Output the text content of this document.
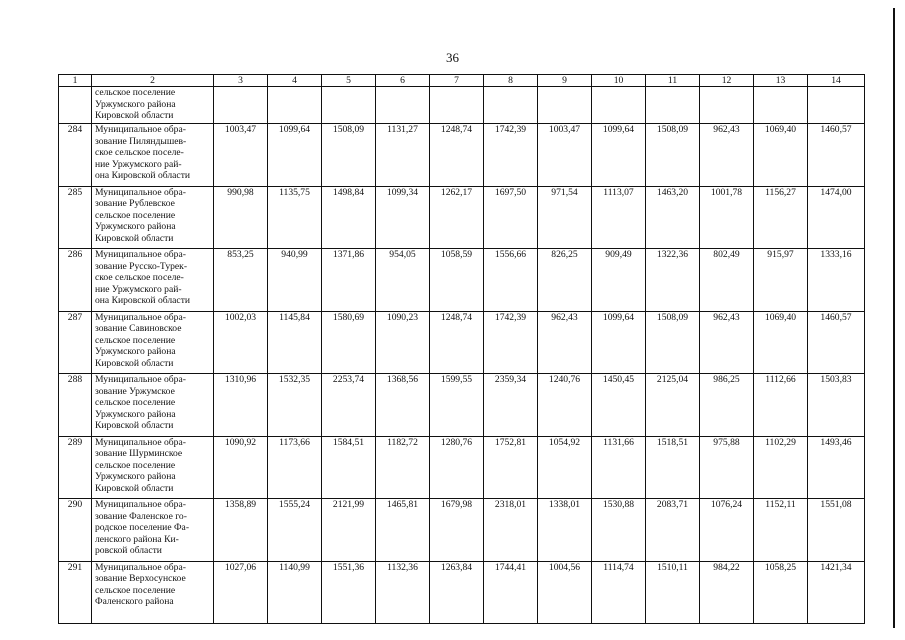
36
1	2	3	4	5	6	7	8	9	10	11	12	13	14

	сельское поселение
Уржумского района
Кировской области												

284	Муниципальное обра-
зование Пиляндышев-
ское сельское поселе-
ние Уржумского рай-
она Кировской области	1003,47	1099,64	1508,09	1131,27	1248,74	1742,39	1003,47	1099,64	1508,09	962,43	1069,40	1460,57
285	Муниципальное обра-
зование Рублевское
сельское поселение
Уржумского района
Кировской области	990,98	1135,75	1498,84	1099,34	1262,17	1697,50	971,54	1113,07	1463,20	1001,78	1156,27	1474,00
286	Муниципальное обра-
зование Русско-Турек-
ское сельское поселе-
ние Уржумского рай-
она Кировской области	853,25	940,99	1371,86	954,05	1058,59	1556,66	826,25	909,49	1322,36	802,49	915,97	1333,16
287	Муниципальное обра-
зование Савиновское
сельское поселение
Уржумского района
Кировской области	1002,03	1145,84	1580,69	1090,23	1248,74	1742,39	962,43	1099,64	1508,09	962,43	1069,40	1460,57
288	Муниципальное обра-
зование Уржумское
сельское поселение
Уржумского района
Кировской области	1310,96	1532,35	2253,74	1368,56	1599,55	2359,34	1240,76	1450,45	2125,04	986,25	1112,66	1503,83
289	Муниципальное обра-
зование Шурминское
сельское поселение
Уржумского района
Кировской области	1090,92	1173,66	1584,51	1182,72	1280,76	1752,81	1054,92	1131,66	1518,51	975,88	1102,29	1493,46
290	Муниципальное обра-
зование Фаленское го-
родское поселение Фа-
ленского района Ки-
ровской области	1358,89	1555,24	2121,99	1465,81	1679,98	2318,01	1338,01	1530,88	2083,71	1076,24	1152,11	1551,08
291	Муниципальное обра-
зование Верхосунское
сельское поселение
Фаленского района	1027,06	1140,99	1551,36	1132,36	1263,84	1744,41	1004,56	1114,74	1510,11	984,22	1058,25	1421,34
